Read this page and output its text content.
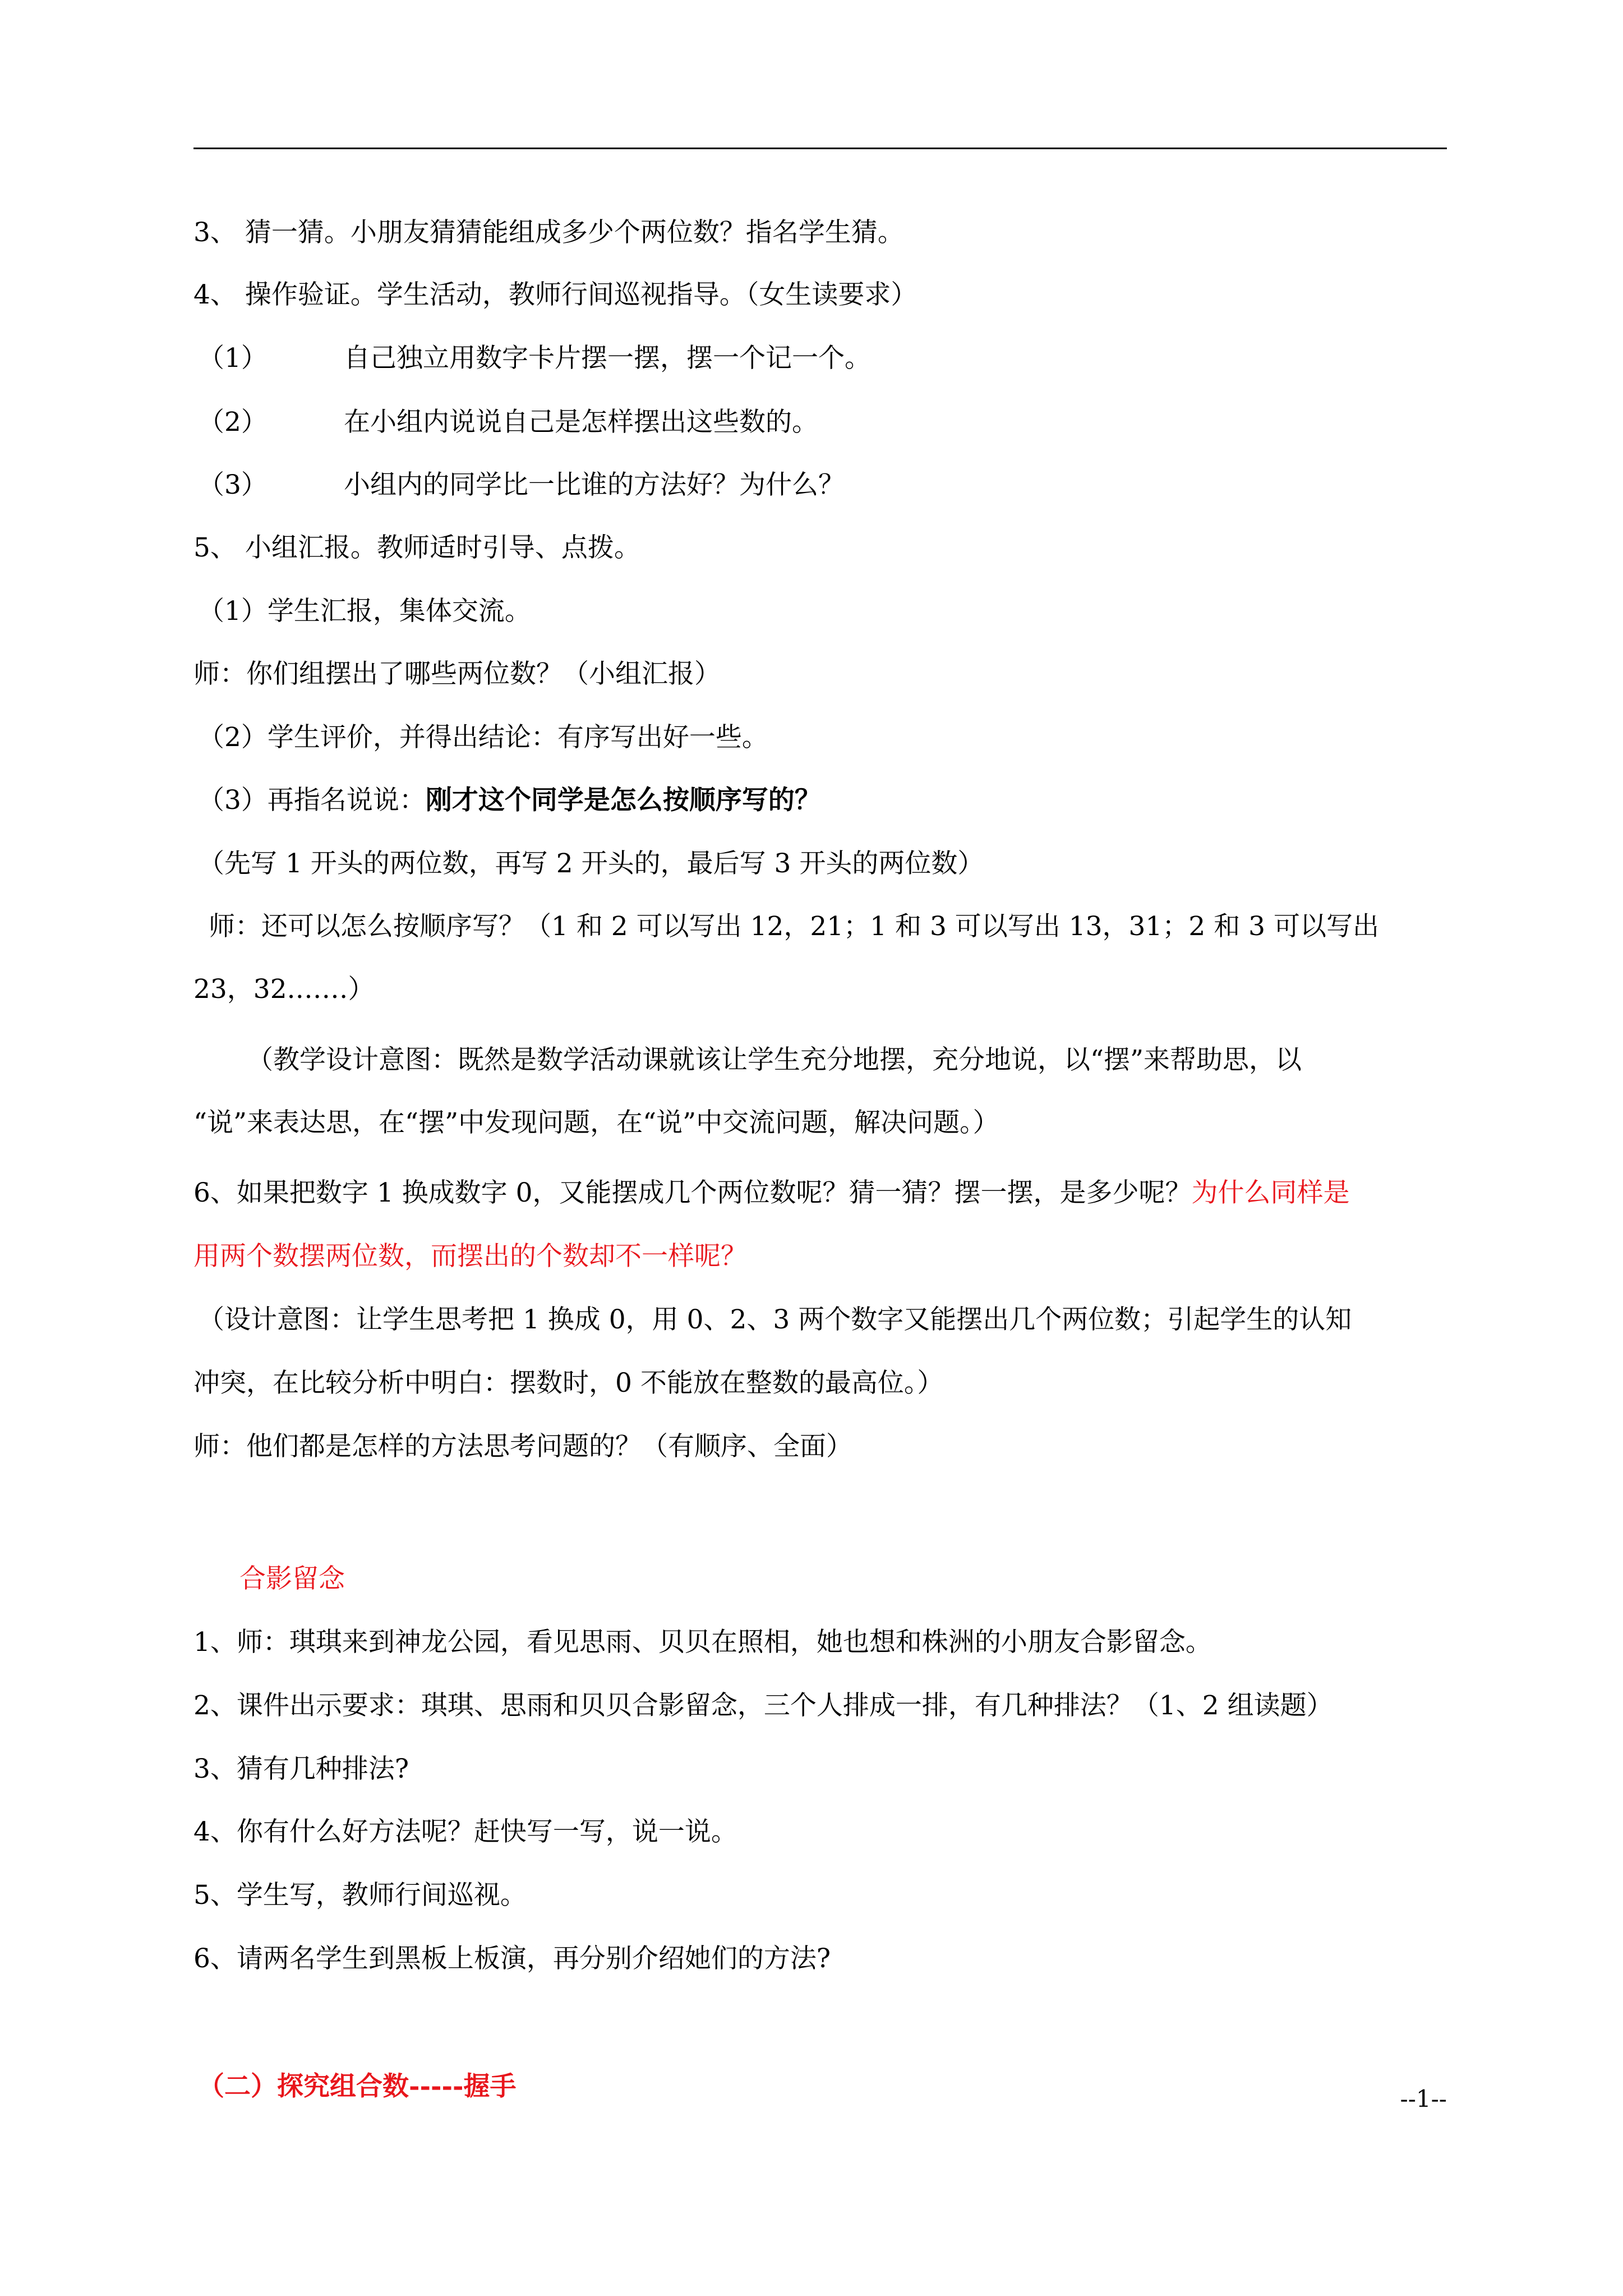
3、 猜一猜。小朋友猜猜能组成多少个两位数？指名学生猜。
4、 操作验证。学生活动，教师行间巡视指导。（女生读要求）
（1）	自己独立用数字卡片摆一摆，摆一个记一个。
（2）	在小组内说说自己是怎样摆出这些数的。
（3）	小组内的同学比一比谁的方法好？为什么？
5、 小组汇报。教师适时引导、点拨。
（1）学生汇报，集体交流。
师：你们组摆出了哪些两位数？（小组汇报）
（2）学生评价，并得出结论：有序写出好一些。
（3）再指名说说：刚才这个同学是怎么按顺序写的？
（先写 1 开头的两位数，再写 2 开头的，最后写 3 开头的两位数）
师：还可以怎么按顺序写？（1 和 2 可以写出 12，21；1 和 3 可以写出 13，31；2 和 3 可以写出
23，32.……）
（教学设计意图：既然是数学活动课就该让学生充分地摆，充分地说，以“摆”来帮助思，以
“说”来表达思，在“摆”中发现问题，在“说”中交流问题，解决问题。）
6、如果把数字 1 换成数字 0，又能摆成几个两位数呢？猜一猜？摆一摆，是多少呢？为什么同样是
用两个数摆两位数，而摆出的个数却不一样呢？
（设计意图：让学生思考把 1 换成 0，用 0、2、3 两个数字又能摆出几个两位数；引起学生的认知
冲突，在比较分析中明白：摆数时，0 不能放在整数的最高位。）
师：他们都是怎样的方法思考问题的？（有顺序、全面）
合影留念
1、师：琪琪来到神龙公园，看见思雨、贝贝在照相，她也想和株洲的小朋友合影留念。
2、课件出示要求：琪琪、思雨和贝贝合影留念，三个人排成一排，有几种排法？（1、2 组读题）
3、猜有几种排法?
4、你有什么好方法呢？赶快写一写，说一说。
5、学生写，教师行间巡视。
6、请两名学生到黑板上板演，再分别介绍她们的方法?
（二）探究组合数-----握手	--1--
